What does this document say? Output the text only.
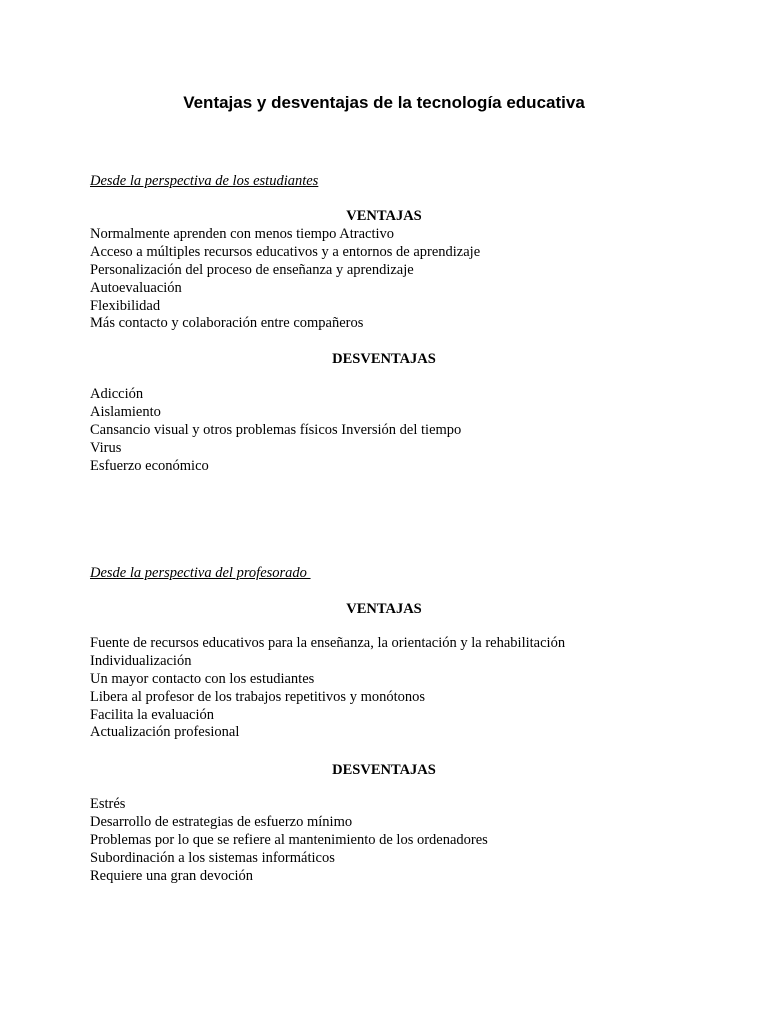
Ventajas y desventajas de la tecnología educativa

Desde la perspectiva de los estudiantes

VENTAJAS

Normalmente aprenden con menos tiempo Atractivo
Acceso a múltiples recursos educativos y a entornos de aprendizaje
Personalización del proceso de enseñanza y aprendizaje
Autoevaluación
Flexibilidad
Más contacto y colaboración entre compañeros

DESVENTAJAS

Adicción
Aislamiento
Cansancio visual y otros problemas físicos Inversión del tiempo
Virus
Esfuerzo económico

Desde la perspectiva del profesorado

VENTAJAS

Fuente de recursos educativos para la enseñanza, la orientación y la rehabilitación
Individualización
Un mayor contacto con los estudiantes
Libera al profesor de los trabajos repetitivos y monótonos
Facilita la evaluación
Actualización profesional

DESVENTAJAS

Estrés
Desarrollo de estrategias de esfuerzo mínimo
Problemas por lo que se refiere al mantenimiento de los ordenadores
Subordinación a los sistemas informáticos
Requiere una gran devoción
